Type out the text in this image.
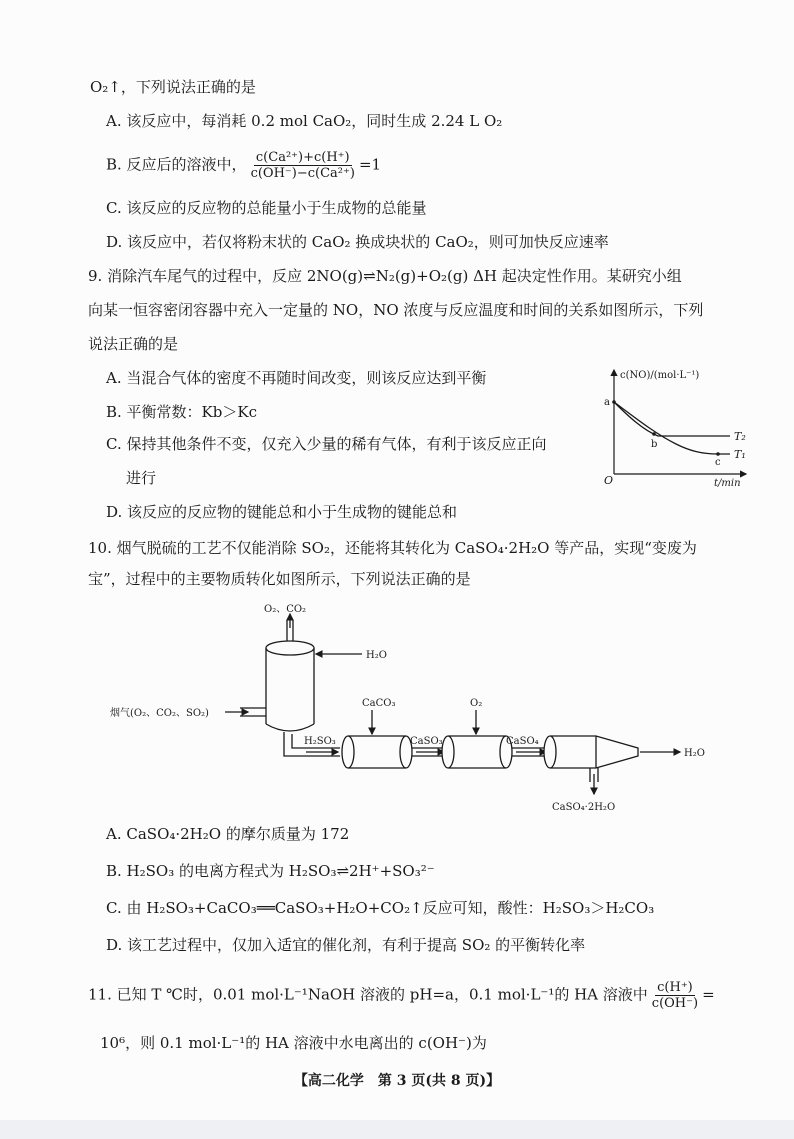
O₂↑，下列说法正确的是
A. 该反应中，每消耗 0.2 mol CaO₂，同时生成 2.24 L O₂
B. 反应后的溶液中， $\frac{\text{c(Ca²⁺)+c(H⁺)}}{\text{c(OH⁻)−c(Ca²⁺)}} =1$
C. 该反应的反应物的总能量小于生成物的总能量
D. 该反应中，若仅将粉末状的 CaO₂ 换成块状的 CaO₂，则可加快反应速率
9. 消除汽车尾气的过程中，反应 2NO(g)⇌N₂(g)+O₂(g) ΔH 起决定性作用。某研究小组
向某一恒容密闭容器中充入一定量的 NO，NO 浓度与反应温度和时间的关系如图所示，下列
说法正确的是
A. 当混合气体的密度不再随时间改变，则该反应达到平衡
B. 平衡常数：Kb＞Kc
C. 保持其他条件不变，仅充入少量的稀有气体，有利于该反应正向
进行
D. 该反应的反应物的键能总和小于生成物的键能总和
c(NO)/(mol·L⁻¹)
t/min
O
a
b
c
T₂
T₁
10. 烟气脱硫的工艺不仅能消除 SO₂，还能将其转化为 CaSO₄·2H₂O 等产品，实现“变废为
宝”，过程中的主要物质转化如图所示，下列说法正确的是
O₂、CO₂
H₂O
烟气(O₂、CO₂、SO₂)
H₂SO₃
CaCO₃
CaSO₃
O₂
CaSO₄
H₂O
CaSO₄·2H₂O
A. CaSO₄·2H₂O 的摩尔质量为 172
B. H₂SO₃ 的电离方程式为 H₂SO₃⇌2H⁺+SO₃²⁻
C. 由 H₂SO₃+CaCO₃══CaSO₃+H₂O+CO₂↑反应可知，酸性：H₂SO₃＞H₂CO₃
D. 该工艺过程中，仅加入适宜的催化剂，有利于提高 SO₂ 的平衡转化率
11. 已知 T ℃时，0.01 mol·L⁻¹NaOH 溶液的 pH=a，0.1 mol·L⁻¹的 HA 溶液中 $\frac{c(H^+)}{c(OH^-)}$ =
10⁶，则 0.1 mol·L⁻¹的 HA 溶液中水电离出的 c(OH⁻)为
【高二化学　第 3 页(共 8 页)】
